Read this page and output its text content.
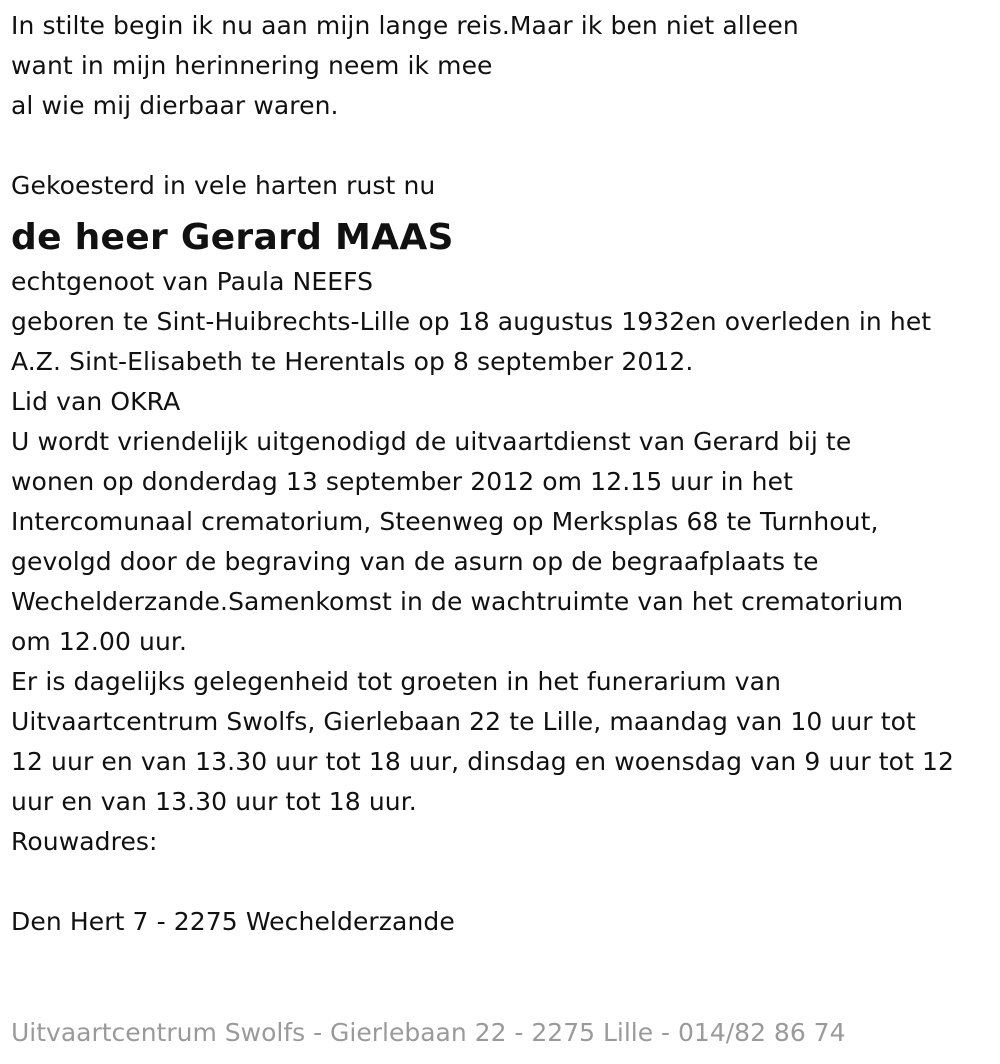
In stilte begin ik nu aan mijn lange reis.Maar ik ben niet alleen
want in mijn herinnering neem ik mee
al wie mij dierbaar waren.
Gekoesterd in vele harten rust nu
de heer Gerard MAAS
echtgenoot van Paula NEEFS
geboren te Sint-Huibrechts-Lille op 18 augustus 1932en overleden in het
A.Z. Sint-Elisabeth te Herentals op 8 september 2012.
Lid van OKRA
U wordt vriendelijk uitgenodigd de uitvaartdienst van Gerard bij te
wonen op donderdag 13 september 2012 om 12.15 uur in het
Intercomunaal crematorium, Steenweg op Merksplas 68 te Turnhout,
gevolgd door de begraving van de asurn op de begraafplaats te
Wechelderzande.Samenkomst in de wachtruimte van het crematorium
om 12.00 uur.
Er is dagelijks gelegenheid tot groeten in het funerarium van
Uitvaartcentrum Swolfs, Gierlebaan 22 te Lille, maandag van 10 uur tot
12 uur en van 13.30 uur tot 18 uur, dinsdag en woensdag van 9 uur tot 12
uur en van 13.30 uur tot 18 uur.
Rouwadres:
Den Hert 7 - 2275 Wechelderzande
Uitvaartcentrum Swolfs - Gierlebaan 22 - 2275 Lille - 014/82 86 74
